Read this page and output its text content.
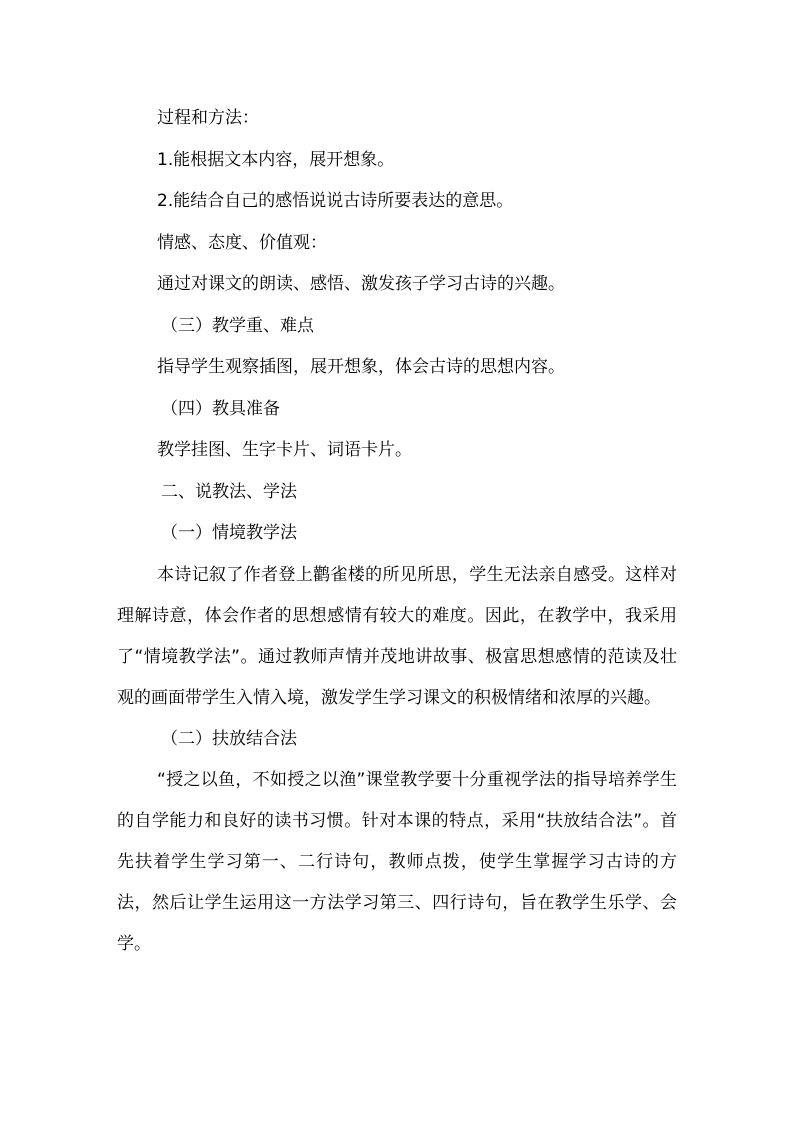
过程和方法：
1.能根据文本内容，展开想象。
2.能结合自己的感悟说说古诗所要表达的意思。
情感、态度、价值观：
通过对课文的朗读、感悟、激发孩子学习古诗的兴趣。
（三）教学重、难点
指导学生观察插图，展开想象，体会古诗的思想内容。
（四）教具准备
教学挂图、生字卡片、词语卡片。
二、说教法、学法
（一）情境教学法
本诗记叙了作者登上鹳雀楼的所见所思，学生无法亲自感受。这样对理解诗意，体会作者的思想感情有较大的难度。因此，在教学中，我采用了“情境教学法”。通过教师声情并茂地讲故事、极富思想感情的范读及壮观的画面带学生入情入境，激发学生学习课文的积极情绪和浓厚的兴趣。
（二）扶放结合法
“授之以鱼，不如授之以渔”课堂教学要十分重视学法的指导培养学生的自学能力和良好的读书习惯。针对本课的特点，采用“扶放结合法”。首先扶着学生学习第一、二行诗句，教师点拨，使学生掌握学习古诗的方法，然后让学生运用这一方法学习第三、四行诗句，旨在教学生乐学、会学。
